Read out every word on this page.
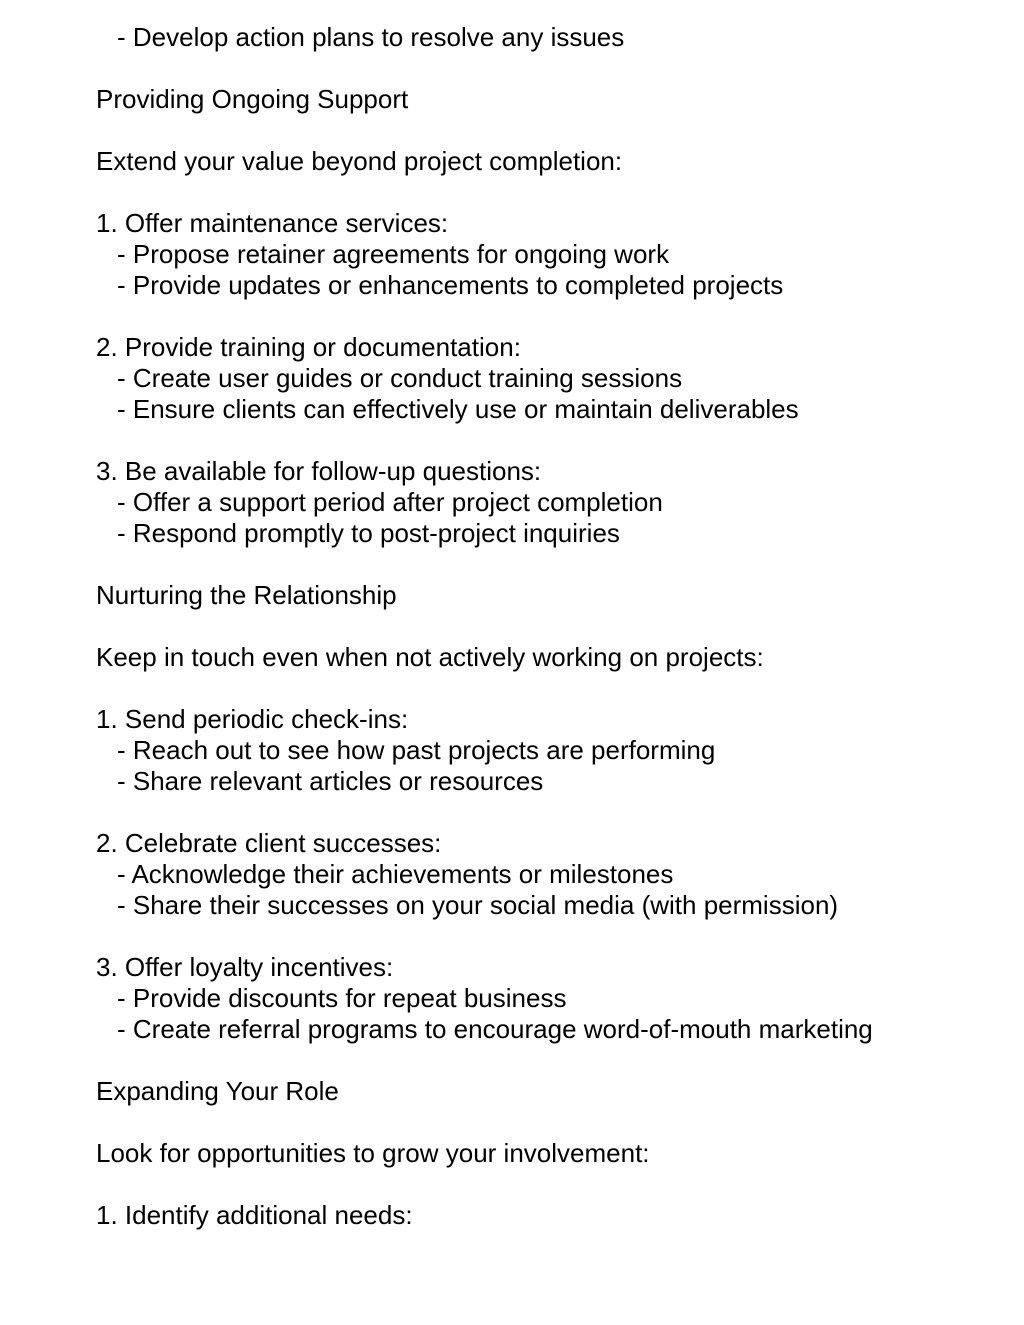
- Develop action plans to resolve any issues
Providing Ongoing Support
Extend your value beyond project completion:
1. Offer maintenance services:
- Propose retainer agreements for ongoing work
- Provide updates or enhancements to completed projects
2. Provide training or documentation:
- Create user guides or conduct training sessions
- Ensure clients can effectively use or maintain deliverables
3. Be available for follow-up questions:
- Offer a support period after project completion
- Respond promptly to post-project inquiries
Nurturing the Relationship
Keep in touch even when not actively working on projects:
1. Send periodic check-ins:
- Reach out to see how past projects are performing
- Share relevant articles or resources
2. Celebrate client successes:
- Acknowledge their achievements or milestones
- Share their successes on your social media (with permission)
3. Offer loyalty incentives:
- Provide discounts for repeat business
- Create referral programs to encourage word-of-mouth marketing
Expanding Your Role
Look for opportunities to grow your involvement:
1. Identify additional needs:
